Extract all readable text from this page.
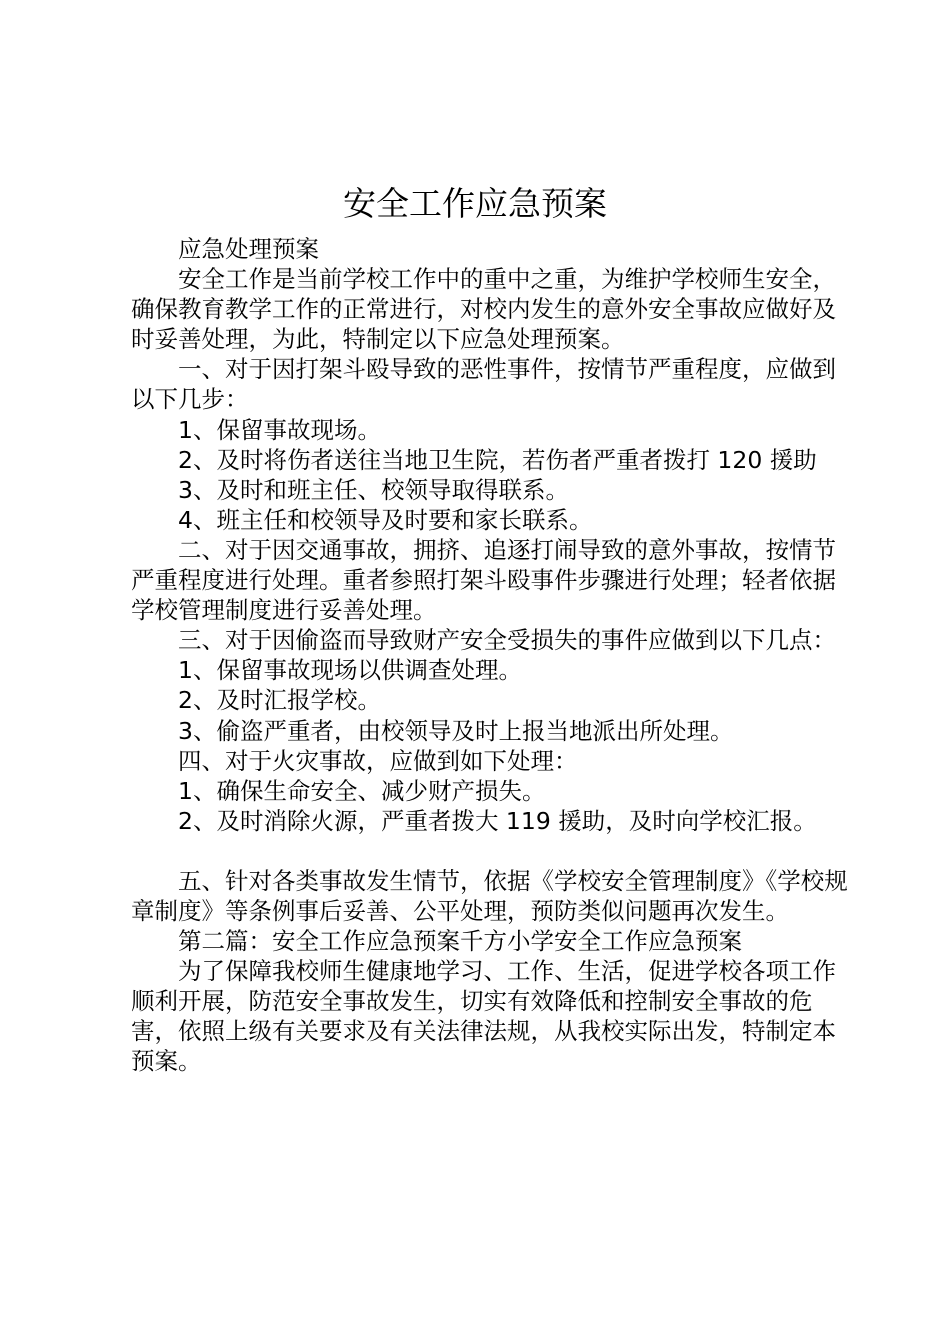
安全工作应急预案

应急处理预案

安全工作是当前学校工作中的重中之重，为维护学校师生安全，确保教育教学工作的正常进行，对校内发生的意外安全事故应做好及时妥善处理，为此，特制定以下应急处理预案。

一、对于因打架斗殴导致的恶性事件，按情节严重程度，应做到以下几步：

1、保留事故现场。

2、及时将伤者送往当地卫生院，若伤者严重者拨打 120 援助

3、及时和班主任、校领导取得联系。

4、班主任和校领导及时要和家长联系。

二、对于因交通事故，拥挤、追逐打闹导致的意外事故，按情节严重程度进行处理。重者参照打架斗殴事件步骤进行处理；轻者依据学校管理制度进行妥善处理。

三、对于因偷盗而导致财产安全受损失的事件应做到以下几点：

1、保留事故现场以供调查处理。

2、及时汇报学校。

3、偷盗严重者，由校领导及时上报当地派出所处理。

四、对于火灾事故，应做到如下处理：

1、确保生命安全、减少财产损失。

2、及时消除火源，严重者拨大 119 援助，及时向学校汇报。

五、针对各类事故发生情节，依据《学校安全管理制度》《学校规章制度》等条例事后妥善、公平处理，预防类似问题再次发生。

第二篇：安全工作应急预案千方小学安全工作应急预案

为了保障我校师生健康地学习、工作、生活，促进学校各项工作顺利开展，防范安全事故发生，切实有效降低和控制安全事故的危害，依照上级有关要求及有关法律法规，从我校实际出发，特制定本预案。
